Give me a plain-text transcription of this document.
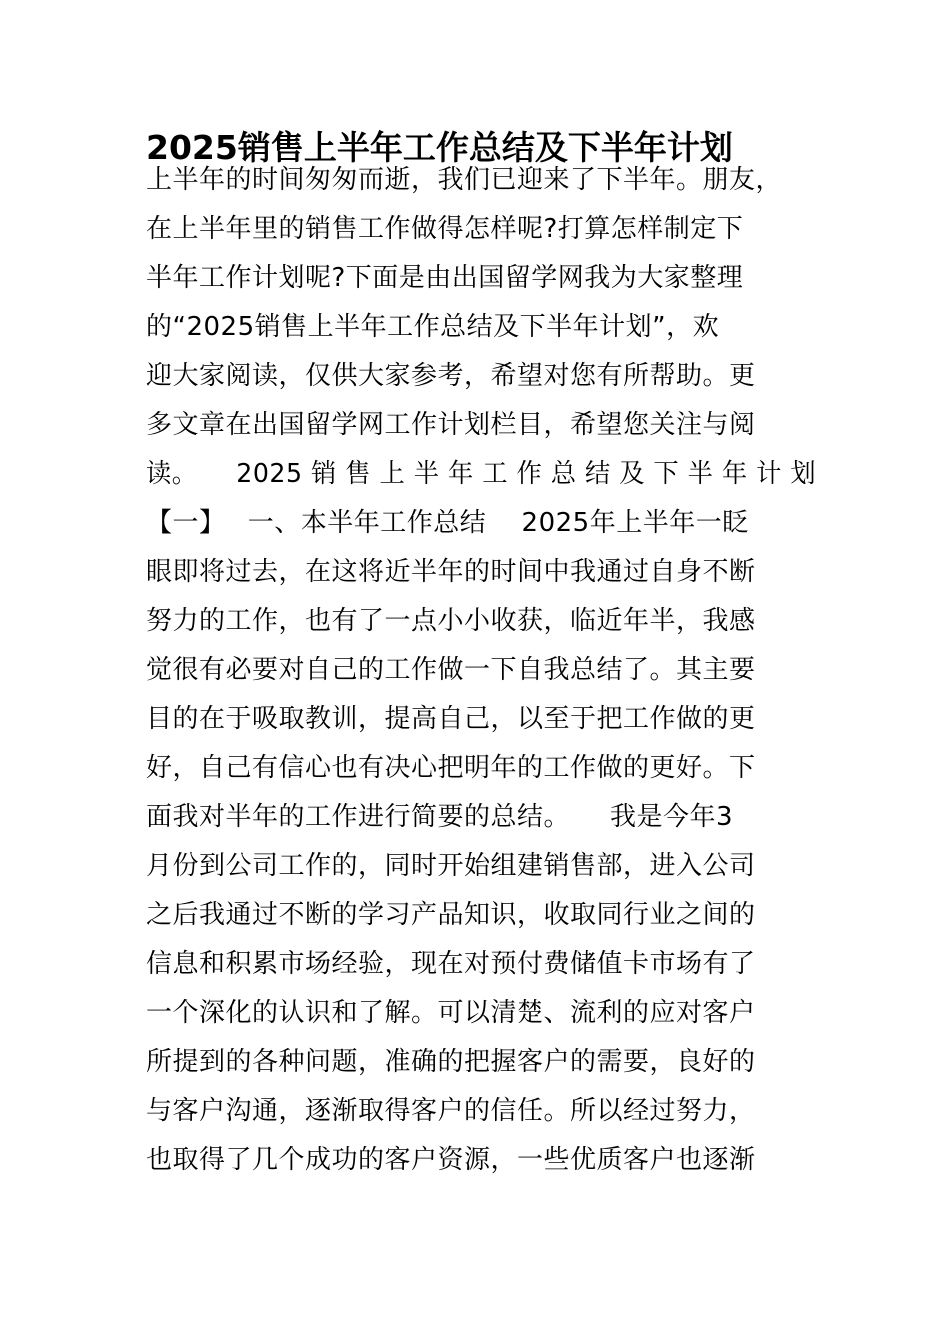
2025销售上半年工作总结及下半年计划
上半年的时间匆匆而逝，我们已迎来了下半年。朋友，
在上半年里的销售工作做得怎样呢?打算怎样制定下
半年工作计划呢?下面是由出国留学网我为大家整理
的“2025销售上半年工作总结及下半年计划”，欢
迎大家阅读，仅供大家参考，希望对您有所帮助。更
多文章在出国留学网工作计划栏目，希望您关注与阅
读。　　2025 销 售 上 半 年 工 作 总 结 及 下 半 年 计 划
【一】　 一、本半年工作总结　 2025年上半年一眨
眼即将过去，在这将近半年的时间中我通过自身不断
努力的工作，也有了一点小小收获，临近年半，我感
觉很有必要对自己的工作做一下自我总结了。其主要
目的在于吸取教训，提高自己，以至于把工作做的更
好，自己有信心也有决心把明年的工作做的更好。下
面我对半年的工作进行简要的总结。　　我是今年3
月份到公司工作的，同时开始组建销售部，进入公司
之后我通过不断的学习产品知识，收取同行业之间的
信息和积累市场经验，现在对预付费储值卡市场有了
一个深化的认识和了解。可以清楚、流利的应对客户
所提到的各种问题，准确的把握客户的需要，良好的
与客户沟通，逐渐取得客户的信任。所以经过努力，
也取得了几个成功的客户资源，一些优质客户也逐渐
